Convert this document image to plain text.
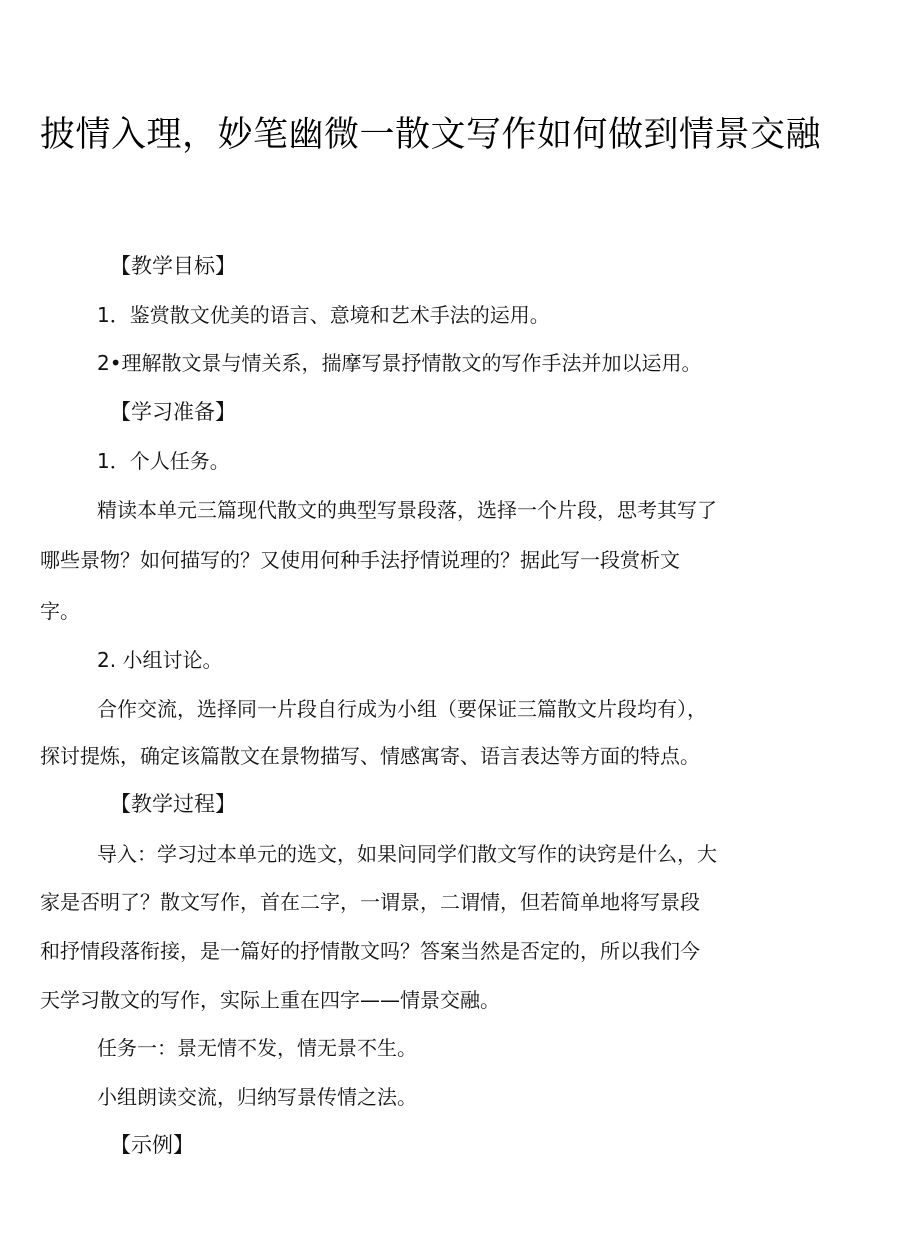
披情入理，妙笔幽微一散文写作如何做到情景交融
【教学目标】
1．鉴赏散文优美的语言、意境和艺术手法的运用。
2•理解散文景与情关系，揣摩写景抒情散文的写作手法并加以运用。
【学习准备】
1．个人任务。
精读本单元三篇现代散文的典型写景段落，选择一个片段，思考其写了
哪些景物？如何描写的？又使用何种手法抒情说理的？据此写一段赏析文
字。
2. 小组讨论。
合作交流，选择同一片段自行成为小组（要保证三篇散文片段均有），
探讨提炼，确定该篇散文在景物描写、情感寓寄、语言表达等方面的特点。
【教学过程】
导入：学习过本单元的选文，如果问同学们散文写作的诀窍是什么，大
家是否明了？散文写作，首在二字，一谓景，二谓情，但若简单地将写景段
和抒情段落衔接，是一篇好的抒情散文吗？答案当然是否定的，所以我们今
天学习散文的写作，实际上重在四字——情景交融。
任务一：景无情不发，情无景不生。
小组朗读交流，归纳写景传情之法。
【示例】
